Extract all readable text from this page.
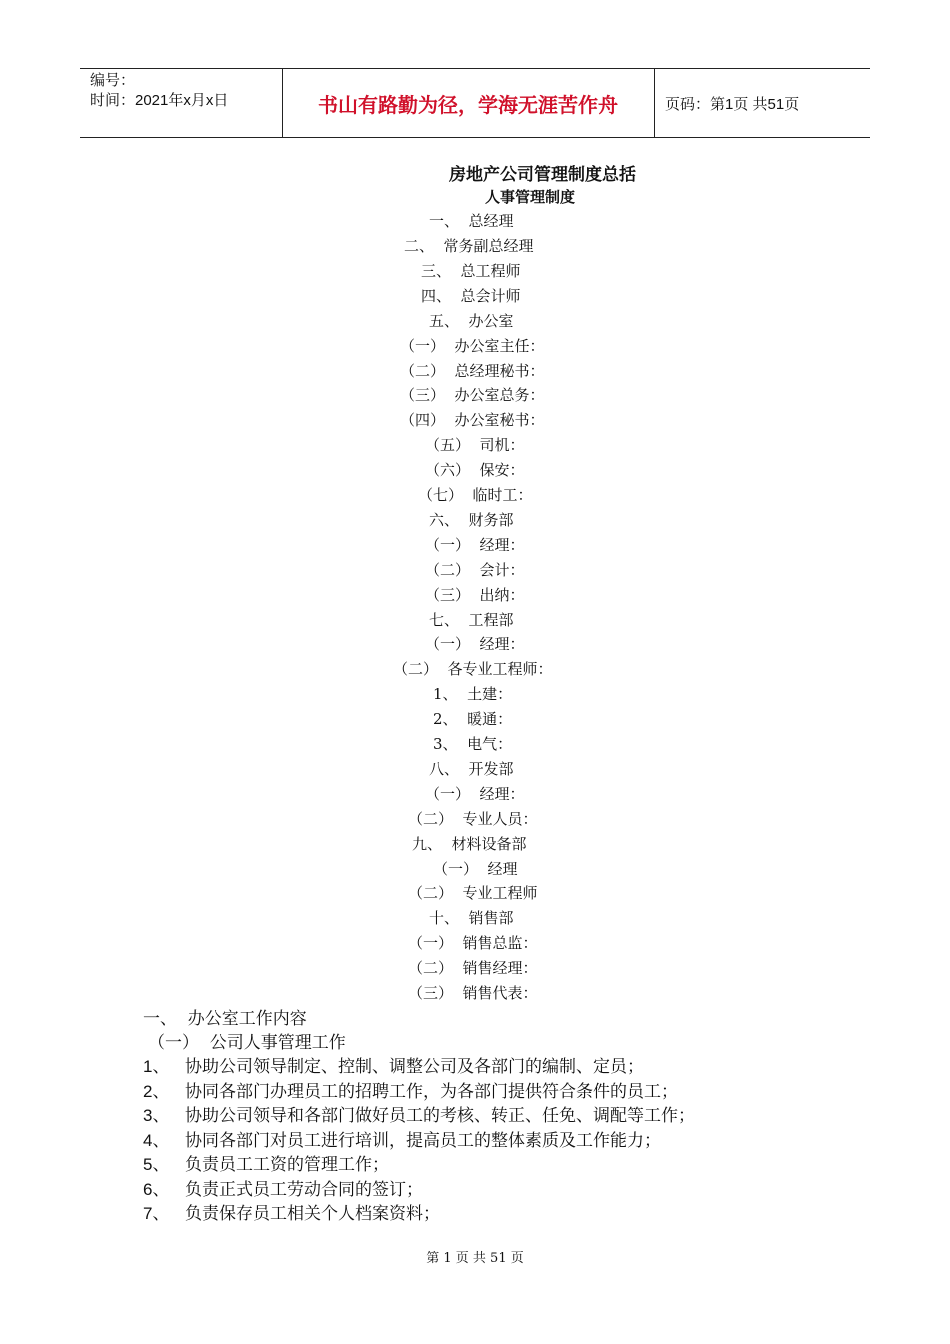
编号：
时间：2021年x月x日	书山有路勤为径，学海无涯苦作舟	页码：第1页 共51页
房地产公司管理制度总括
人事管理制度
一、  总经理
二、  常务副总经理
三、  总工程师
四、  总会计师
五、  办公室
（一）  办公室主任：
（二）  总经理秘书：
（三）  办公室总务：
（四）  办公室秘书：
（五）  司机：
（六）  保安：
（七）  临时工：
六、  财务部
（一）  经理：
（二）  会计：
（三）  出纳：
七、  工程部
（一）  经理：
（二）  各专业工程师：
1、  土建：
2、  暖通：
3、  电气：
八、  开发部
（一）  经理：
（二）  专业人员：
九、  材料设备部
（一）  经理
（二）  专业工程师
十、  销售部
（一）  销售总监：
（二）  销售经理：
（三）  销售代表：
一、  办公室工作内容
（一）  公司人事管理工作
1、 协助公司领导制定、控制、调整公司及各部门的编制、定员；
2、 协同各部门办理员工的招聘工作，为各部门提供符合条件的员工；
3、 协助公司领导和各部门做好员工的考核、转正、任免、调配等工作；
4、 协同各部门对员工进行培训，提高员工的整体素质及工作能力；
5、 负责员工工资的管理工作；
6、 负责正式员工劳动合同的签订；
7、 负责保存员工相关个人档案资料；
第 1 页 共 51 页
